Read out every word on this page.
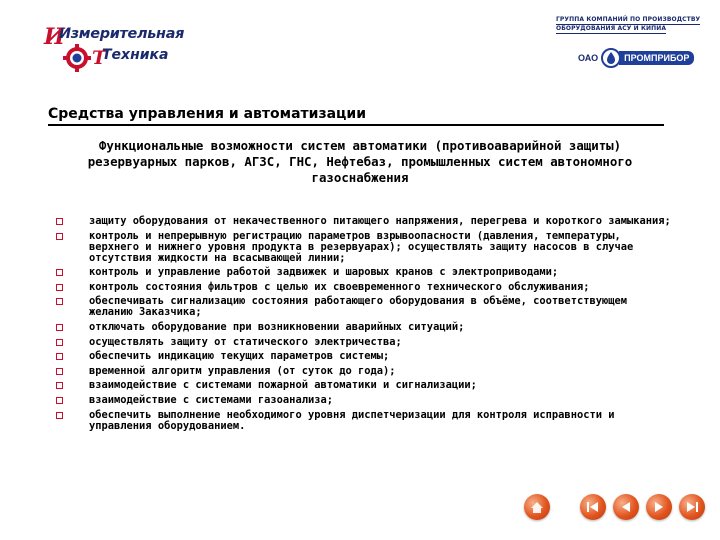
И
Т
Измерительная
Техника
ГРУППА КОМПАНИЙ ПО ПРОИЗВОДСТВУ
ОБОРУДОВАНИЯ АСУ И КИПИА
ОАО	ПРОМПРИБОР
Средства управления и автоматизации
Функциональные возможности систем автоматики (противоаварийной защиты) резервуарных парков, АГЗС, ГНС, Нефтебаз, промышленных систем автономного газоснабжения
защиту оборудования от некачественного питающего напряжения, перегрева и короткого замыкания;
контроль и непрерывную регистрацию параметров взрывоопасности (давления, температуры, верхнего и нижнего уровня продукта в резервуарах); осуществлять защиту насосов в случае отсутствия жидкости на всасывающей линии;
контроль и управление работой задвижек и шаровых кранов с электроприводами;
контроль состояния фильтров с целью их своевременного технического обслуживания;
обеспечивать сигнализацию состояния работающего оборудования в объёме, соответствующем желанию Заказчика;
отключать оборудование при возникновении аварийных ситуаций;
осуществлять защиту от статического электричества;
обеспечить индикацию текущих параметров системы;
временной алгоритм управления (от суток до года);
взаимодействие с системами пожарной автоматики и сигнализации;
взаимодействие с системами газоанализа;
обеспечить выполнение необходимого уровня диспетчеризации для контроля исправности и управления оборудованием.
